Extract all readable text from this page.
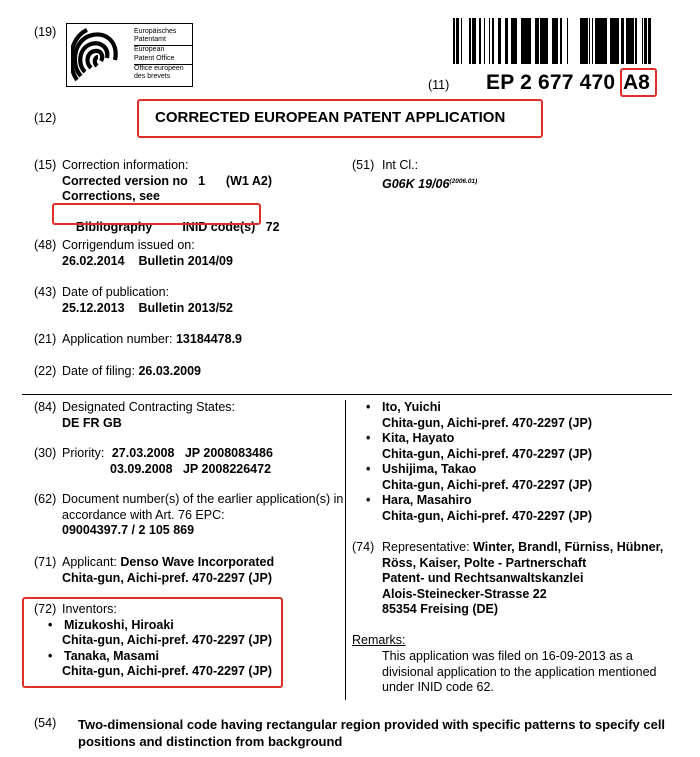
(19)	Europäisches
Patentamt
European
Patent Office
Office européen
des brevets
(11) EP 2 677 470 A8
(12)	CORRECTED EUROPEAN PATENT APPLICATION
(15) Correction information:
Corrected version no   1      (W1 A2)
Corrections, see

Bibliography INID code(s)   72

(48) Corrigendum issued on:
26.02.2014    Bulletin 2014/09
(43) Date of publication:
25.12.2013    Bulletin 2013/52
(21) Application number: 13184478.9
(22) Date of filing: 26.03.2009
(84) Designated Contracting States:
DE FR GB
(30) Priority: 27.03.2008   JP 2008083486
03.09.2008   JP 2008226472
(62) Document number(s) of the earlier application(s) in
accordance with Art. 76 EPC:
09004397.7 / 2 105 869
(71) Applicant: Denso Wave Incorporated
Chita-gun, Aichi-pref. 470-2297 (JP)
(72) Inventors:
• Mizukoshi, Hiroaki
Chita-gun, Aichi-pref. 470-2297 (JP)
• Tanaka, Masami
Chita-gun, Aichi-pref. 470-2297 (JP)
(51) Int Cl.:
G06K $19/06^{(2006.01)}$
• Ito, Yuichi
Chita-gun, Aichi-pref. 470-2297 (JP)
• Kita, Hayato
Chita-gun, Aichi-pref. 470-2297 (JP)
• Ushijima, Takao
Chita-gun, Aichi-pref. 470-2297 (JP)
• Hara, Masahiro
Chita-gun, Aichi-pref. 470-2297 (JP)
(74) Representative: Winter, Brandl, Fürniss, Hübner,
Röss, Kaiser, Polte - Partnerschaft
Patent- und Rechtsanwaltskanzlei
Alois-Steinecker-Strasse 22
85354 Freising (DE)
Remarks:
This application was filed on 16-09-2013 as a
divisional application to the application mentioned
under INID code 62.
(54) Two-dimensional code having rectangular region provided with specific patterns to specify cell positions and distinction from background
